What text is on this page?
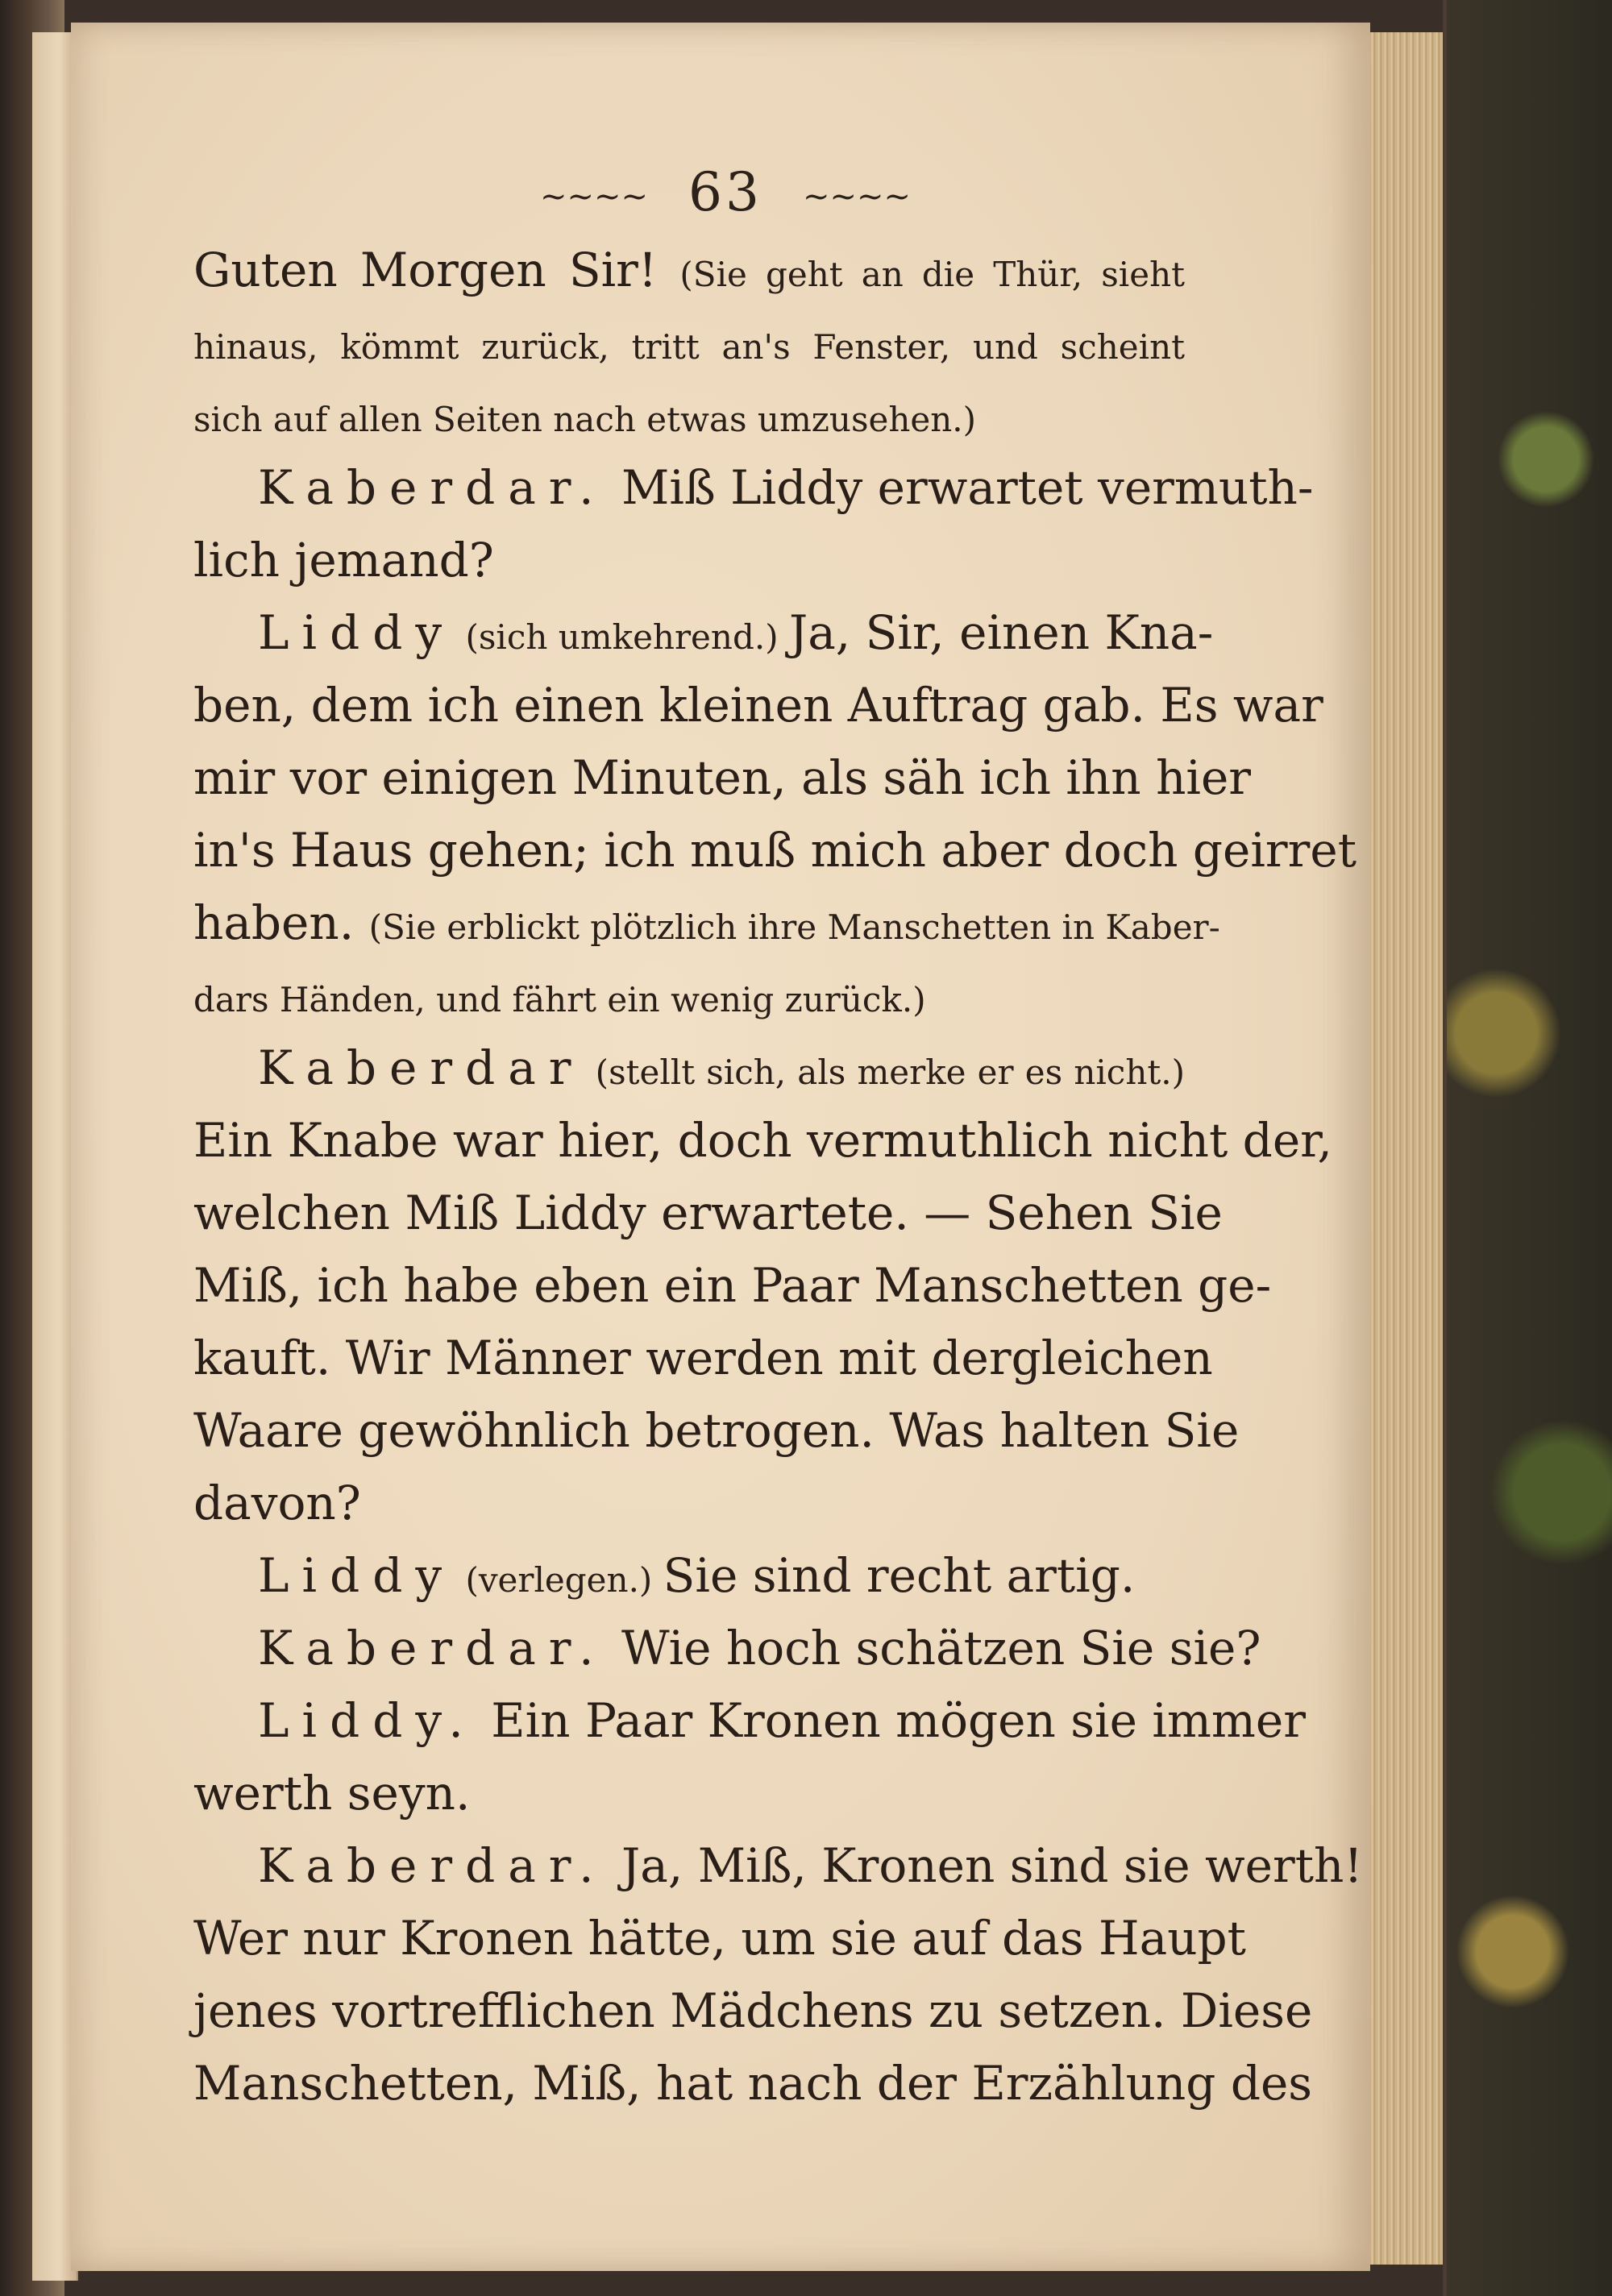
~~~~ 63 ~~~~
Guten Morgen Sir! (Sie geht an die Thür, sieht
hinaus, kömmt zurück, tritt an's Fenster, und scheint
sich auf allen Seiten nach etwas umzusehen.)
Kaberdar. Miß Liddy erwartet vermuth-
lich jemand?
Liddy (sich umkehrend.) Ja, Sir, einen Kna-
ben, dem ich einen kleinen Auftrag gab. Es war
mir vor einigen Minuten, als säh ich ihn hier
in's Haus gehen; ich muß mich aber doch geirret
haben. (Sie erblickt plötzlich ihre Manschetten in Kaber-
dars Händen, und fährt ein wenig zurück.)
Kaberdar (stellt sich, als merke er es nicht.)
Ein Knabe war hier, doch vermuthlich nicht der,
welchen Miß Liddy erwartete. — Sehen Sie
Miß, ich habe eben ein Paar Manschetten ge-
kauft. Wir Männer werden mit dergleichen
Waare gewöhnlich betrogen. Was halten Sie
davon?
Liddy (verlegen.) Sie sind recht artig.
Kaberdar. Wie hoch schätzen Sie sie?
Liddy. Ein Paar Kronen mögen sie immer
werth seyn.
Kaberdar. Ja, Miß, Kronen sind sie werth!
Wer nur Kronen hätte, um sie auf das Haupt
jenes vortrefflichen Mädchens zu setzen. Diese
Manschetten, Miß, hat nach der Erzählung des
